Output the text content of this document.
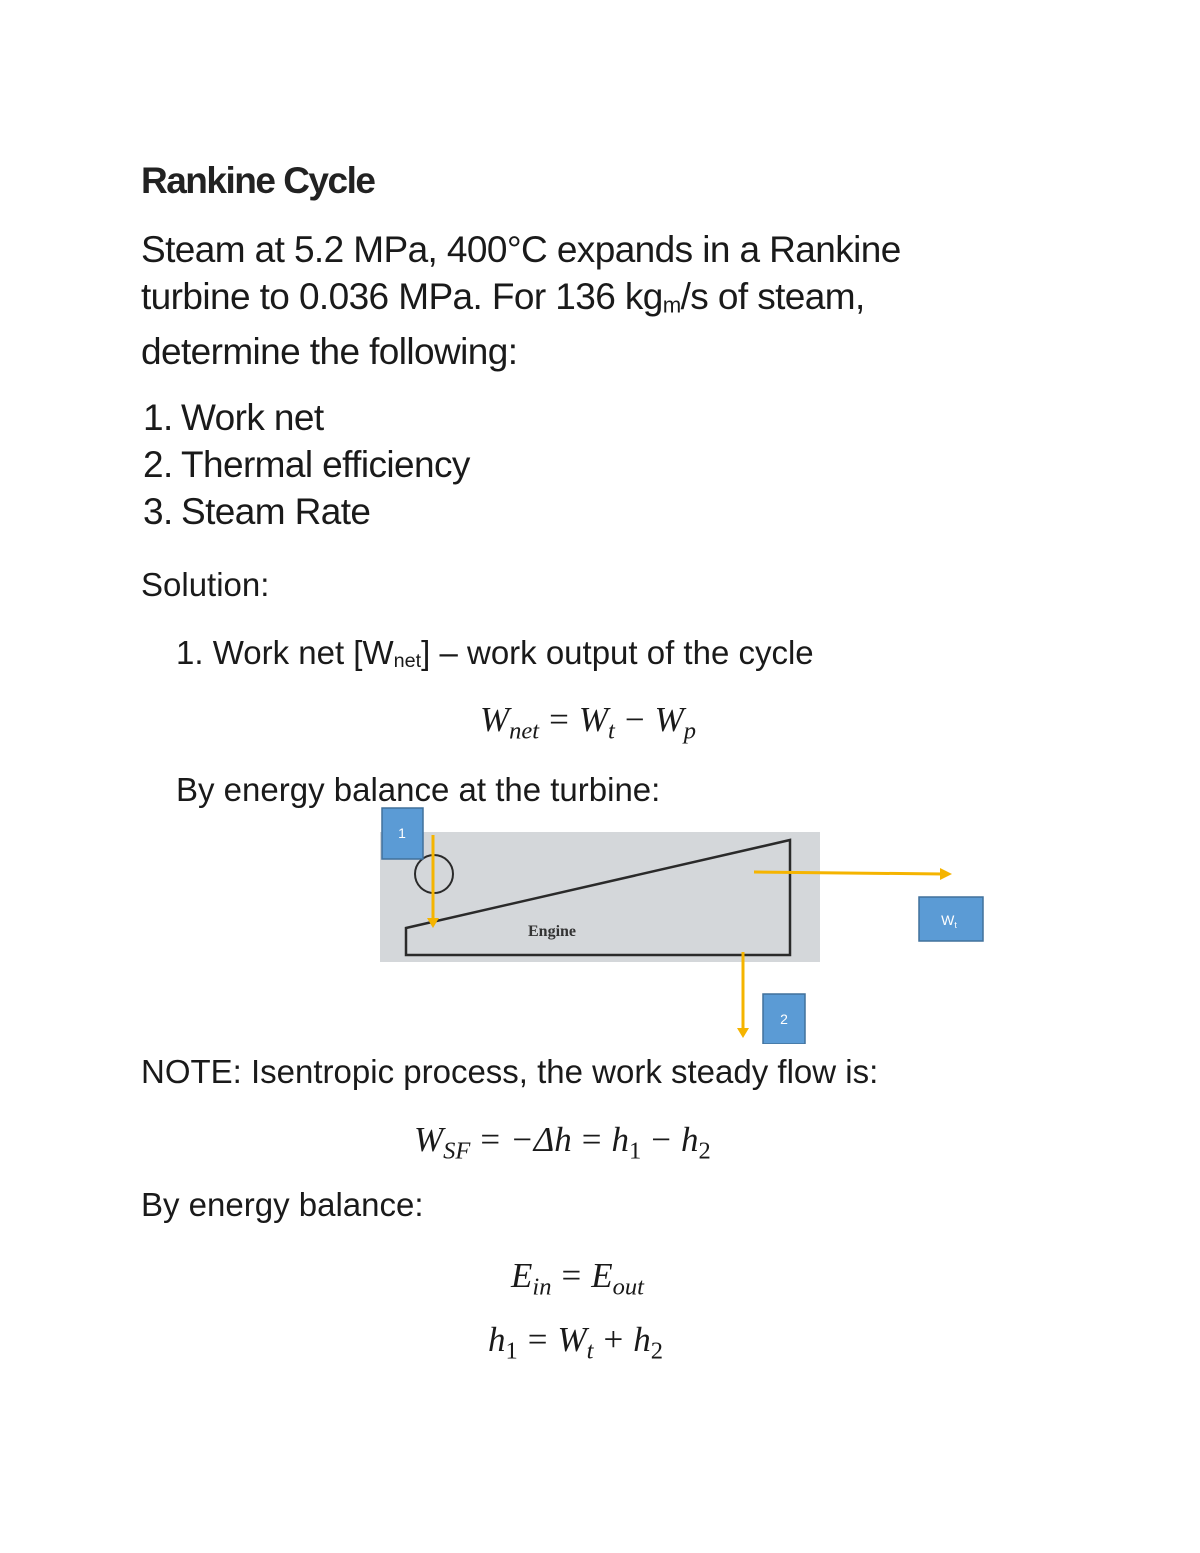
Rankine Cycle

Steam at 5.2 MPa, 400°C expands in a Rankine

turbine to 0.036 MPa. For 136 $kg_m/s$ of steam,

determine the following:

1. Work net
2. Thermal efficiency
3. Steam Rate
Solution:
1. Work net $[W_{net}]$ – work output of the cycle
$W_{net} = W_t - W_p$
By energy balance at the turbine:
Engine
1
$W_t$
2
NOTE: Isentropic process, the work steady flow is:
$W_{SF} = -\Delta h = h_1 - h_2$
By energy balance:
$E_{in} = E_{out}$
$h_1 = W_t + h_2$
